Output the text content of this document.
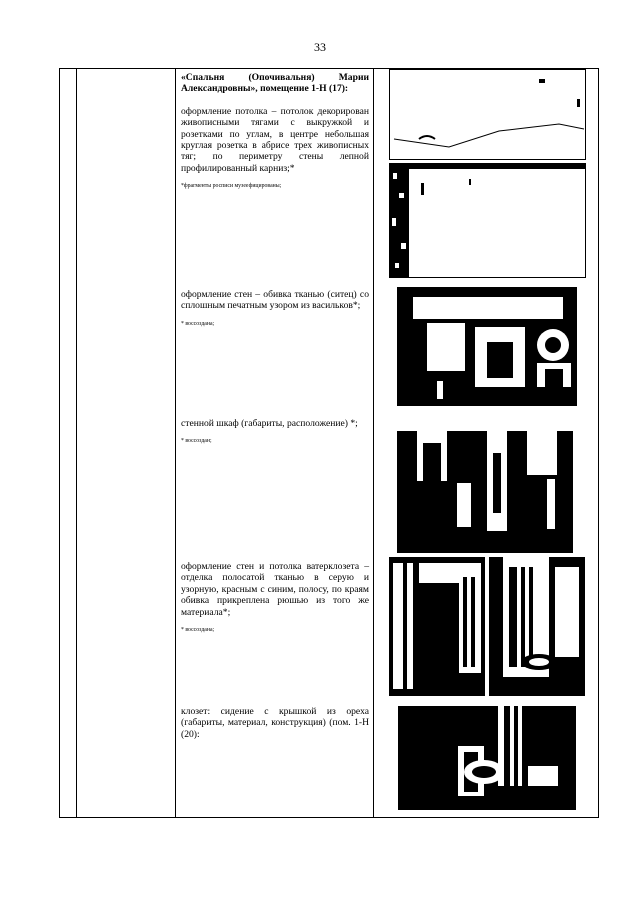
33

«Спальня (Опочивальня) Марии Александровны», помещение 1-Н (17):

оформление потолка – потолок декорирован живописными тягами с выкружкой и розетками по углам, в центре небольшая круглая розетка в абрисе трех живописных тяг; по периметру стены лепной профилированный карниз;*

*фрагменты росписи музеефицированы;

оформление стен – обивка тканью (ситец) со сплошным печатным узором из васильков*;

* воссоздана;

стенной шкаф (габариты, расположение) *;

* воссоздан;

оформление стен и потолка ватерклозета – отделка полосатой тканью в серую и узорную, красным с синим, полосу, по краям обивка прикреплена рюшью из того же материала*;

* воссоздана;

клозет: сидение с крышкой из ореха (габариты, материал, конструкция) (пом. 1-Н (20):
